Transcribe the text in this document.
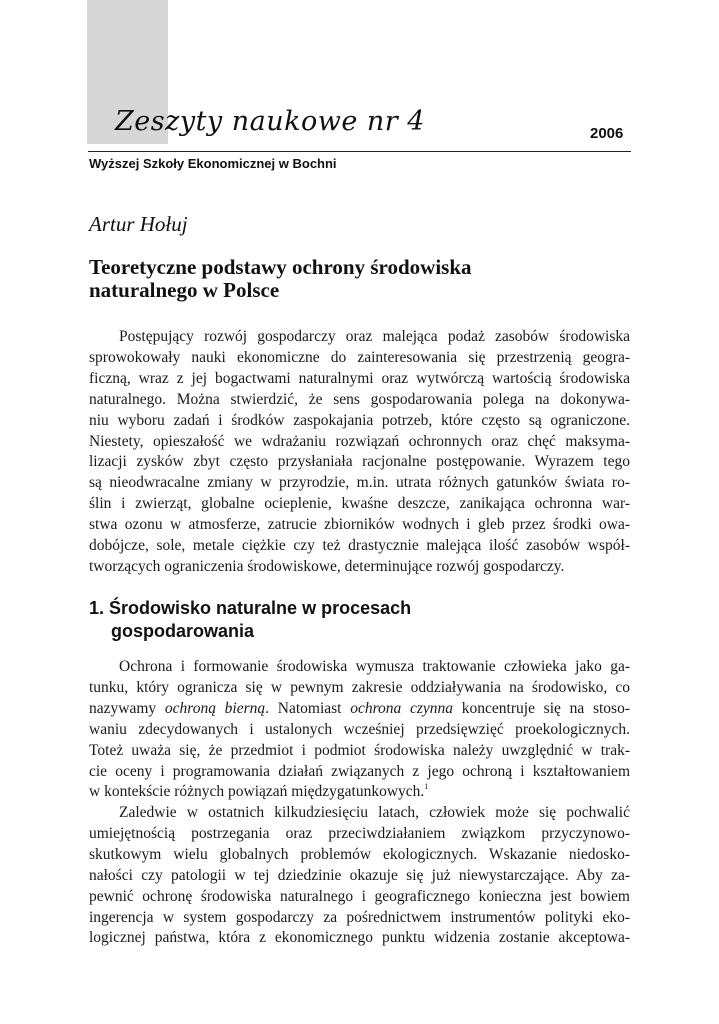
Zeszyty naukowe nr 4	2006
Wyższej Szkoły Ekonomicznej w Bochni
Artur Hołuj
Teoretyczne podstawy ochrony środowiska
naturalnego w Polsce
Postępujący rozwój gospodarczy oraz malejąca podaż zasobów środowiska
sprowokowały nauki ekonomiczne do zainteresowania się przestrzenią geogra-
ficzną, wraz z jej bogactwami naturalnymi oraz wytwórczą wartością środowiska
naturalnego. Można stwierdzić, że sens gospodarowania polega na dokonywa-
niu wyboru zadań i środków zaspokajania potrzeb, które często są ograniczone.
Niestety, opieszałość we wdrażaniu rozwiązań ochronnych oraz chęć maksyma-
lizacji zysków zbyt często przysłaniała racjonalne postępowanie. Wyrazem tego
są nieodwracalne zmiany w przyrodzie, m.in. utrata różnych gatunków świata ro-
ślin i zwierząt, globalne ocieplenie, kwaśne deszcze, zanikająca ochronna war-
stwa ozonu w atmosferze, zatrucie zbiorników wodnych i gleb przez środki owa-
dobójcze, sole, metale ciężkie czy też drastycznie malejąca ilość zasobów współ-
tworzących ograniczenia środowiskowe, determinujące rozwój gospodarczy.
1. Środowisko naturalne w procesach
gospodarowania
Ochrona i formowanie środowiska wymusza traktowanie człowieka jako ga-
tunku, który ogranicza się w pewnym zakresie oddziaływania na środowisko, co
nazywamy ochroną bierną. Natomiast ochrona czynna koncentruje się na stoso-
waniu zdecydowanych i ustalonych wcześniej przedsięwzięć proekologicznych.
Toteż uważa się, że przedmiot i podmiot środowiska należy uwzględnić w trak-
cie oceny i programowania działań związanych z jego ochroną i kształtowaniem
w kontekście różnych powiązań międzygatunkowych.$^1$
Zaledwie w ostatnich kilkudziesięciu latach, człowiek może się pochwalić
umiejętnością postrzegania oraz przeciwdziałaniem związkom przyczynowo-
skutkowym wielu globalnych problemów ekologicznych. Wskazanie niedosko-
nałości czy patologii w tej dziedzinie okazuje się już niewystarczające. Aby za-
pewnić ochronę środowiska naturalnego i geograficznego konieczna jest bowiem
ingerencja w system gospodarczy za pośrednictwem instrumentów polityki eko-
logicznej państwa, która z ekonomicznego punktu widzenia zostanie akceptowa-
